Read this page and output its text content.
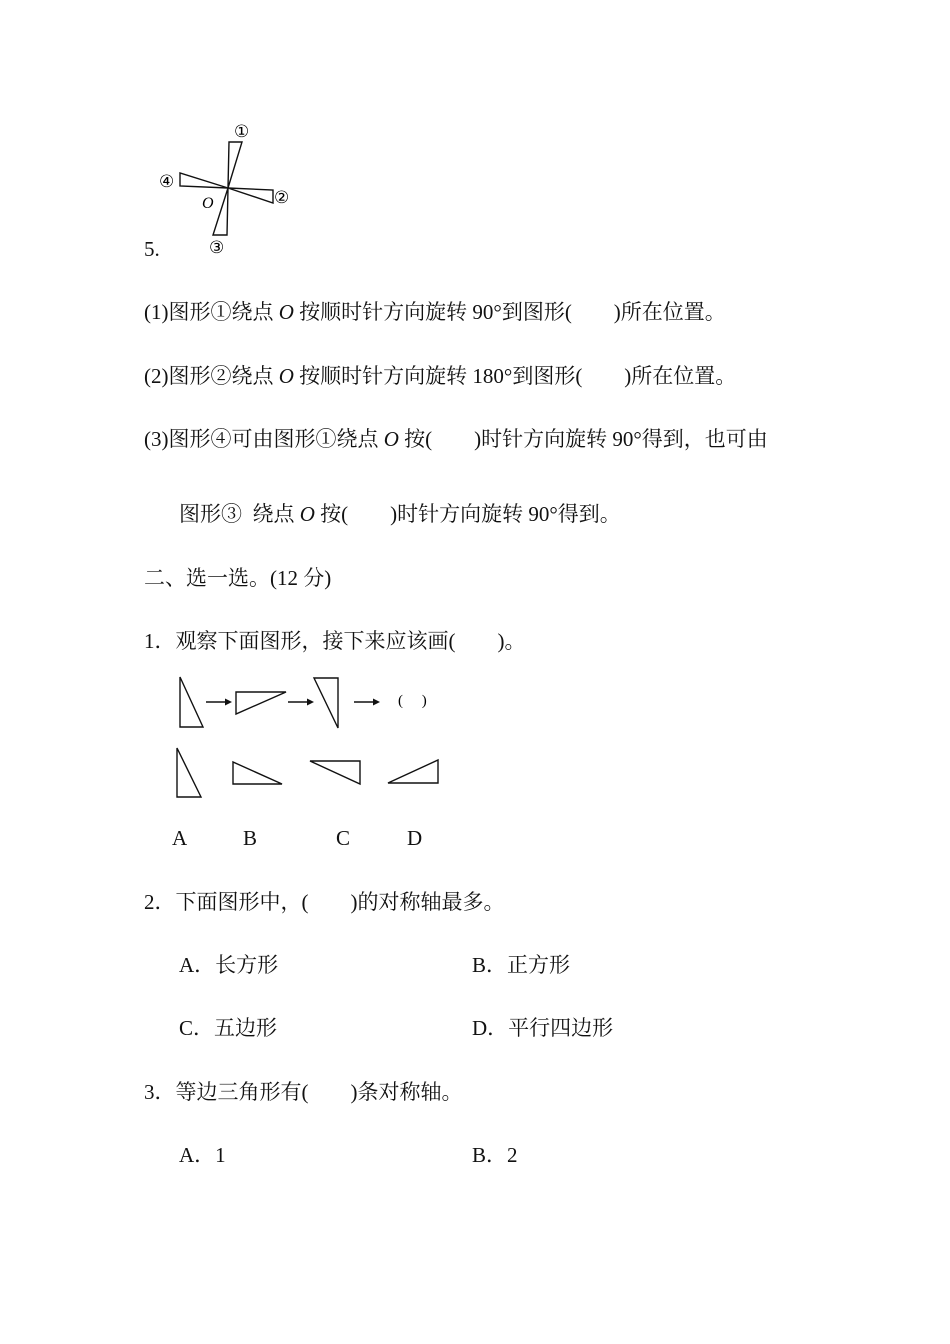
①
②
③
④
O
5.
(1)图形①绕点 O 按顺时针方向旋转 90°到图形(　　)所在位置。
(2)图形②绕点 O 按顺时针方向旋转 180°到图形(　　)所在位置。
(3)图形④可由图形①绕点 O 按(　　)时针方向旋转 90°得到，也可由
图形③  绕点 O 按(　　)时针方向旋转 90°得到。
二、选一选。(12 分)
1．观察下面图形，接下来应该画(　　)。
(　 )
A	B	C	D
2．下面图形中，(　　)的对称轴最多。
A．长方形	B．正方形
C．五边形	D．平行四边形
3．等边三角形有(　　)条对称轴。
A．1	B．2
